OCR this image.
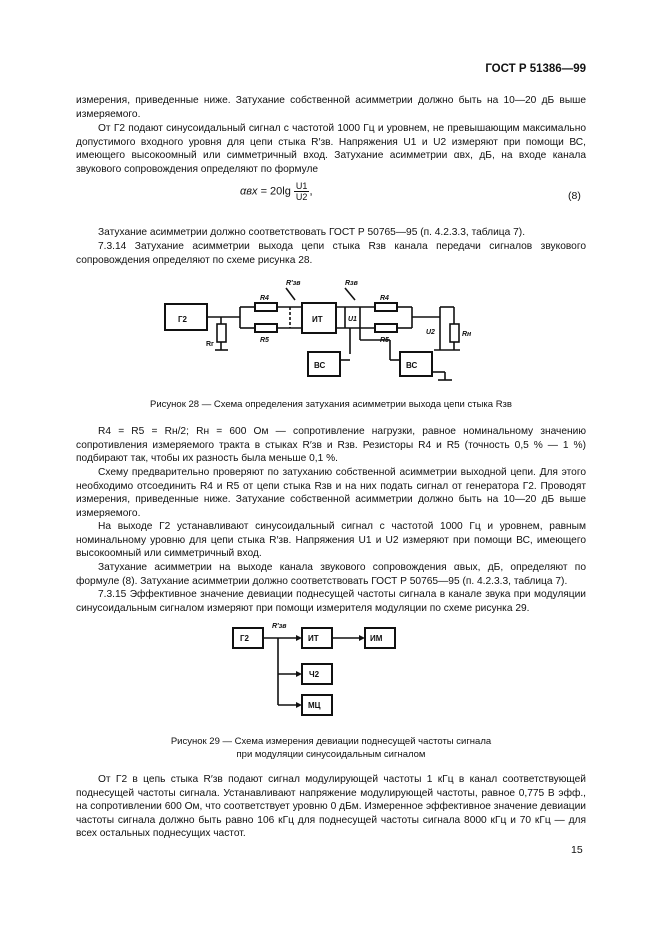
ГОСТ Р 51386—99

измерения, приведенные ниже. Затухание собственной асимметрии должно быть на 10—20 дБ выше измеряемого.

От Г2 подают синусоидальный сигнал с частотой 1000 Гц и уровнем, не превышающим максимально допустимого входного уровня для цепи стыка R′зв. Напряжения U1 и U2 измеряют при помощи ВС, имеющего высокоомный или симметричный вход. Затухание асимметрии αвх, дБ, на входе канала звукового сопровождения определяют по формуле

$\alpha вх = 20\lg \frac{U1}{U2}$ ,	(8)

Затухание асимметрии должно соответствовать ГОСТ Р 50765—95 (п. 4.2.3.3, таблица 7).

7.3.14 Затухание асимметрии выхода цепи стыка Rзв канала передачи сигналов звукового сопровождения определяют по схеме рисунка 28.

Г2
Rг
R4
R5
R′зв
ИТ	U1
Rзв
R4
R5
U2	Rн
ВС	ВС
Рисунок 28 — Схема определения затухания асимметрии выхода цепи стыка Rзв

R4 = R5 = Rн/2; Rн = 600 Ом — сопротивление нагрузки, равное номинальному значению сопротивления измеряемого тракта в стыках R′зв и Rзв. Резисторы R4 и R5 (точность 0,5 % — 1 %) подбирают так, чтобы их разность была меньше 0,1 %.

Схему предварительно проверяют по затуханию собственной асимметрии выходной цепи. Для этого необходимо отсоединить R4 и R5 от цепи стыка Rзв и на них подать сигнал от генератора Г2. Проводят измерения, приведенные ниже. Затухание собственной асимметрии должно быть на 10—20 дБ выше измеряемого.

На выходе Г2 устанавливают синусоидальный сигнал с частотой 1000 Гц и уровнем, равным номинальному уровню для цепи стыка R′зв. Напряжения U1 и U2 измеряют при помощи ВС, имеющего высокоомный или симметричный вход.

Затухание асимметрии на выходе канала звукового сопровождения αвых, дБ, определяют по формуле (8). Затухание асимметрии должно соответствовать ГОСТ Р 50765—95 (п. 4.2.3.3, таблица 7).

7.3.15 Эффективное значение девиации поднесущей частоты сигнала в канале звука при модуляции синусоидальным сигналом измеряют при помощи измерителя модуляции по схеме рисунка 29.

Г2	ИТ	ИМ
Ч2
МЦ
R′зв
Рисунок 29 — Схема измерения девиации поднесущей частоты сигнала
при модуляции синусоидальным сигналом

От Г2 в цепь стыка R′зв подают сигнал модулирующей частоты 1 кГц в канал соответствующей поднесущей частоты сигнала. Устанавливают напряжение модулирующей частоты, равное 0,775 В эфф., на сопротивлении 600 Ом, что соответствует уровню 0 дБм. Измеренное эффективное значение девиации частоты сигнала должно быть равно 106 кГц для поднесущей частоты сигнала 8000 кГц и 70 кГц — для всех остальных поднесущих частот.

15
